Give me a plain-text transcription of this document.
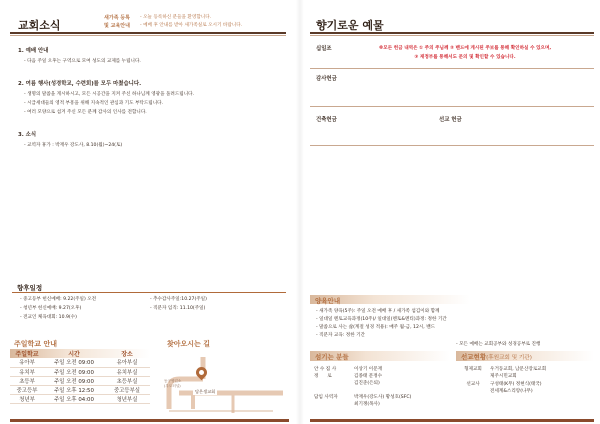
교회소식
새가족 등록
및 교육안내
- 오늘 등록하신 분들을 환영합니다.
- 예배 후 안내를 받아 새가족실로 오시기 바랍니다.
1. 예배 안내
- 다음 주일 오후는 구역으로 모여 성도의 교제를 누립니다.
2. 여름 행사(성경학교, 수련회)를 모두 마쳤습니다.
- 생명의 말씀을 게시하시고, 모든 시공간을 지켜 주신 하나님께 영광을 돌려드립니다.
- 시급세대들의 영적 부흥을 위해 지속적인 관심과 기도 부탁드립니다.
- 여러 모양으로 섬겨 주신 모든 분께 감사의 인사를 전합니다.
3. 소식
- 교역자 휴가 : 박재우 강도사, 8.10(월)~24(토)
향후일정
- 중고등부 헌신예배: 9.22(주일) 오전
- 청년부 헌신예배: 9.27(오후)
- 전교인 체육대회: 10.9(수)
- 추수감사주일:10.27(주일)
- 직분자 임직: 11.10(주일)
주일학교 안내
주일학교	시간	장소
유아부	주일 오전 09:00	유아부실
유치부	주일 오전 09:00	유치부실
초등부	주일 오전 09:00	초등부실
중고등부	주일 오후 12:50	중고등부실
청년부	주일 오후 04:00	청년부실
찾아오시는 길
동구영업소 (우도터널)
담은생교회
향기로운 예물
십일조	※모든 헌금 내역은 ① 주의 주님께 ② 밴드에 게시된 주보를 통해 확인하실 수 있으며,
③ 재정부를 통해서도 문의 및 확인할 수 있습니다.
감사헌금
건축헌금	선교 헌금
양육안내
- 새가족 양육(5주): 주일 오전 예배 후 / 새가족 섬김이와 함께
- 일대일 멘토교육과정(10주)/ 일대일(멘토&멘티)과정: 정한 기간
- 말씀으로 사는 삶(계절 성경 적용): 매주 월-금, 12시, 밴드
- 직분자 교육: 정한 기간
- 모든 예배는 교회공부와 성경공부로 진행
섬기는 분들
안 수 집 사	이상기 이문재
정      로	김종태 문정수
김진준(은퇴)
담임 사역자	박재우(강도사) 황성호(SFC)
최기쟁(목사)
선교현황(후원교회 및 기관)
형제교회	우거동교회, 남문산장로교회
제주시민교회
선교사	구성태(K무) 정현식(태국)
전세계&스리랑(나무)
